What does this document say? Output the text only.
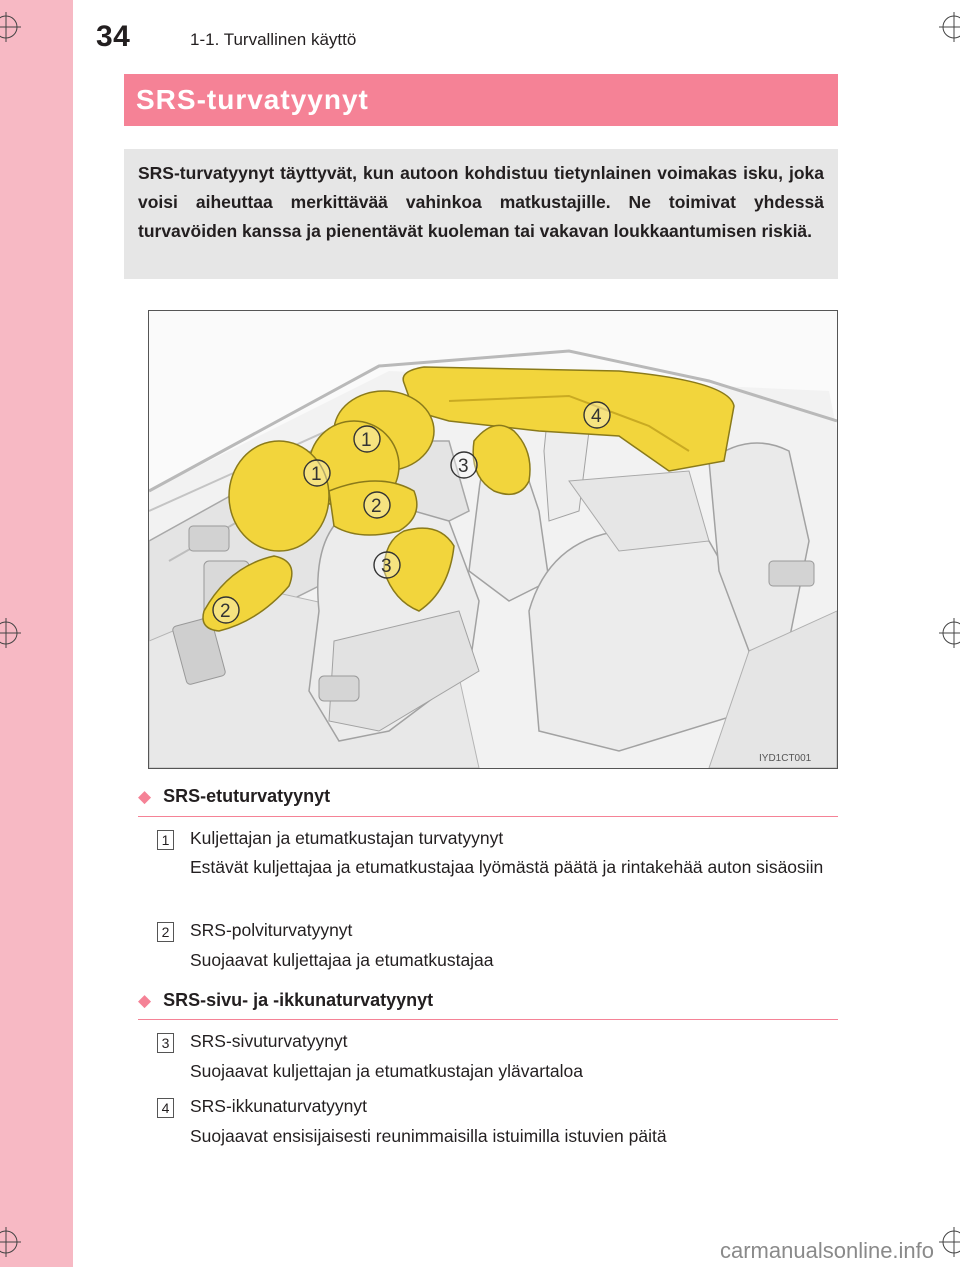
34	1-1. Turvallinen käyttö
SRS-turvatyynyt
SRS-turvatyynyt täyttyvät, kun autoon kohdistuu tietynlainen voimakas isku, joka voisi aiheuttaa merkittävää vahinkoa matkustajille. Ne toimivat yhdessä turvavöiden kanssa ja pienentävät kuoleman tai vakavan loukkaantumisen riskiä.
1
1
2
2
3
3
4
IYD1CT001
◆ SRS-etuturvatyynyt
1 Kuljettajan ja etumatkustajan turvatyynyt
Estävät kuljettajaa ja etumatkustajaa lyömästä päätä ja rintakehää auton sisäosiin
2 SRS-polviturvatyynyt
Suojaavat kuljettajaa ja etumatkustajaa
◆ SRS-sivu- ja -ikkunaturvatyynyt
3 SRS-sivuturvatyynyt
Suojaavat kuljettajan ja etumatkustajan ylävartaloa
4 SRS-ikkunaturvatyynyt
Suojaavat ensisijaisesti reunimmaisilla istuimilla istuvien päitä
carmanualsonline.info
